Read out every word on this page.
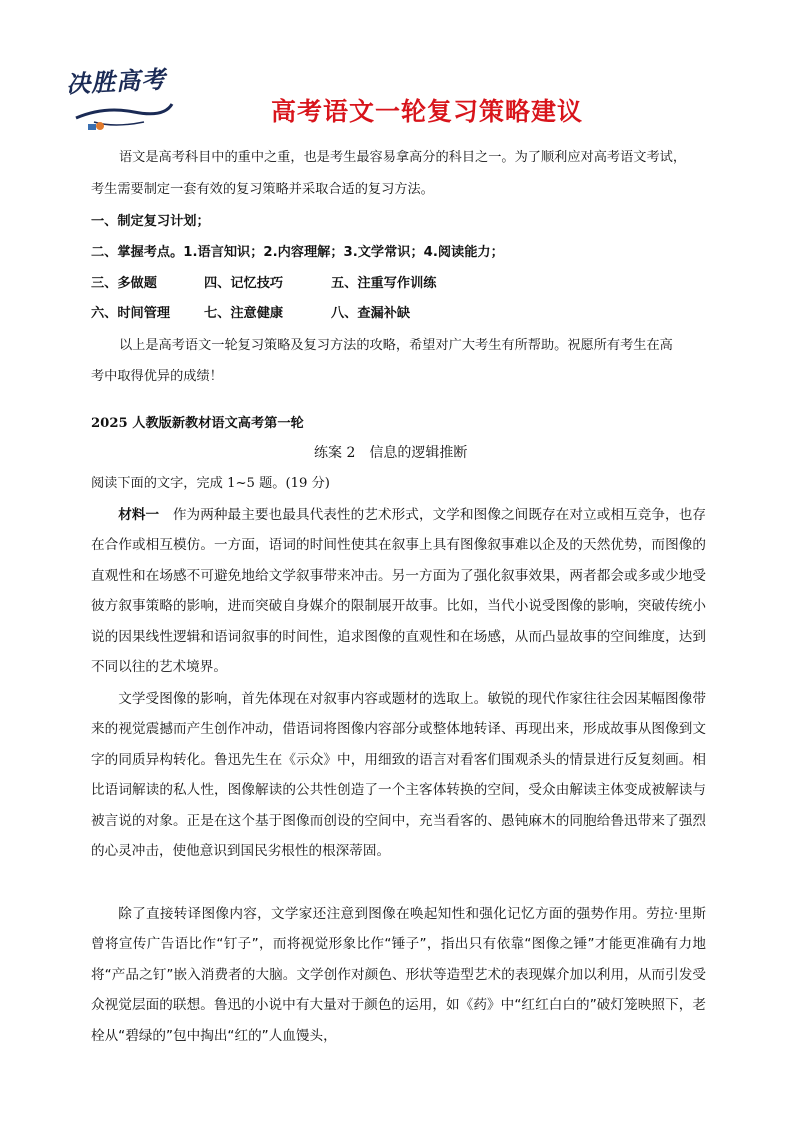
决胜高考
高考语文一轮复习策略建议
语文是高考科目中的重中之重，也是考生最容易拿高分的科目之一。为了顺利应对高考语文考试，
考生需要制定一套有效的复习策略并采取合适的复习方法。
一、制定复习计划；
二、掌握考点。1.语言知识；2.内容理解；3.文学常识；4.阅读能力；
三、多做题	四、记忆技巧	五、注重写作训练
六、时间管理	七、注意健康	八、查漏补缺
以上是高考语文一轮复习策略及复习方法的攻略，希望对广大考生有所帮助。祝愿所有考生在高
考中取得优异的成绩！
2025 人教版新教材语文高考第一轮
练案 2　信息的逻辑推断
阅读下面的文字，完成 1~5 题。(19 分)
材料一　 作为两种最主要也最具代表性的艺术形式，文学和图像之间既存在对立或相互竞争，也存在合作或相互模仿。一方面，语词的时间性使其在叙事上具有图像叙事难以企及的天然优势，而图像的直观性和在场感不可避免地给文学叙事带来冲击。另一方面为了强化叙事效果，两者都会或多或少地受彼方叙事策略的影响，进而突破自身媒介的限制展开故事。比如，当代小说受图像的影响，突破传统小说的因果线性逻辑和语词叙事的时间性，追求图像的直观性和在场感，从而凸显故事的空间维度，达到不同以往的艺术境界。
文学受图像的影响，首先体现在对叙事内容或题材的选取上。敏锐的现代作家往往会因某幅图像带来的视觉震撼而产生创作冲动，借语词将图像内容部分或整体地转译、再现出来，形成故事从图像到文字的同质异构转化。鲁迅先生在《示众》中，用细致的语言对看客们围观杀头的情景进行反复刻画。相比语词解读的私人性，图像解读的公共性创造了一个主客体转换的空间，受众由解读主体变成被解读与被言说的对象。正是在这个基于图像而创设的空间中，充当看客的、愚钝麻木的同胞给鲁迅带来了强烈的心灵冲击，使他意识到国民劣根性的根深蒂固。
除了直接转译图像内容，文学家还注意到图像在唤起知性和强化记忆方面的强势作用。劳拉·里斯曾将宣传广告语比作“钉子”，而将视觉形象比作“锤子”，指出只有依靠“图像之锤”才能更准确有力地将“产品之钉”嵌入消费者的大脑。文学创作对颜色、形状等造型艺术的表现媒介加以利用，从而引发受众视觉层面的联想。鲁迅的小说中有大量对于颜色的运用，如《药》中“红红白白的”破灯笼映照下，老栓从“碧绿的”包中掏出“红的”人血馒头，
